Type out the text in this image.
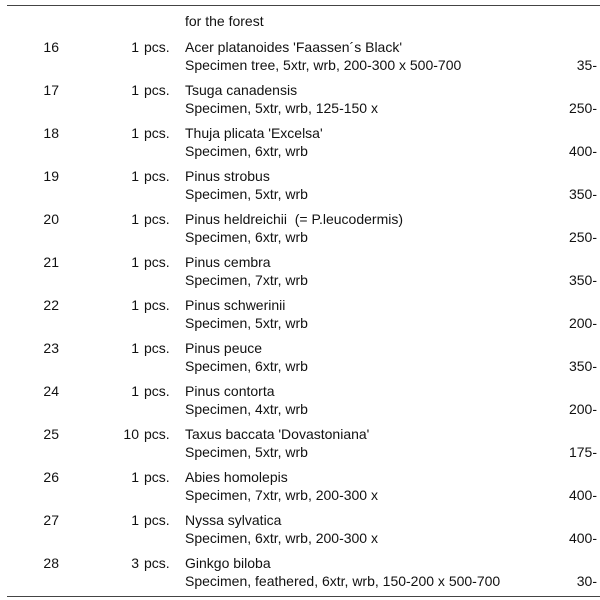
for the forest
16	1 pcs. Acer platanoides 'Faassen´s Black'
Specimen tree, 5xtr, wrb, 200-300 x 500-700	35-
17	1 pcs. Tsuga canadensis
Specimen, 5xtr, wrb, 125-150 x	250-
18	1 pcs. Thuja plicata 'Excelsa'
Specimen, 6xtr, wrb	400-
19	1 pcs. Pinus strobus
Specimen, 5xtr, wrb	350-
20	1 pcs. Pinus heldreichii  (= P.leucodermis)
Specimen, 6xtr, wrb	250-
21	1 pcs. Pinus cembra
Specimen, 7xtr, wrb	350-
22	1 pcs. Pinus schwerinii
Specimen, 5xtr, wrb	200-
23	1 pcs. Pinus peuce
Specimen, 6xtr, wrb	350-
24	1 pcs. Pinus contorta
Specimen, 4xtr, wrb	200-
25	10 pcs. Taxus baccata 'Dovastoniana'
Specimen, 5xtr, wrb	175-
26	1 pcs. Abies homolepis
Specimen, 7xtr, wrb, 200-300 x	400-
27	1 pcs. Nyssa sylvatica
Specimen, 6xtr, wrb, 200-300 x	400-
28	3 pcs. Ginkgo biloba
Specimen, feathered, 6xtr, wrb, 150-200 x 500-700	30-
